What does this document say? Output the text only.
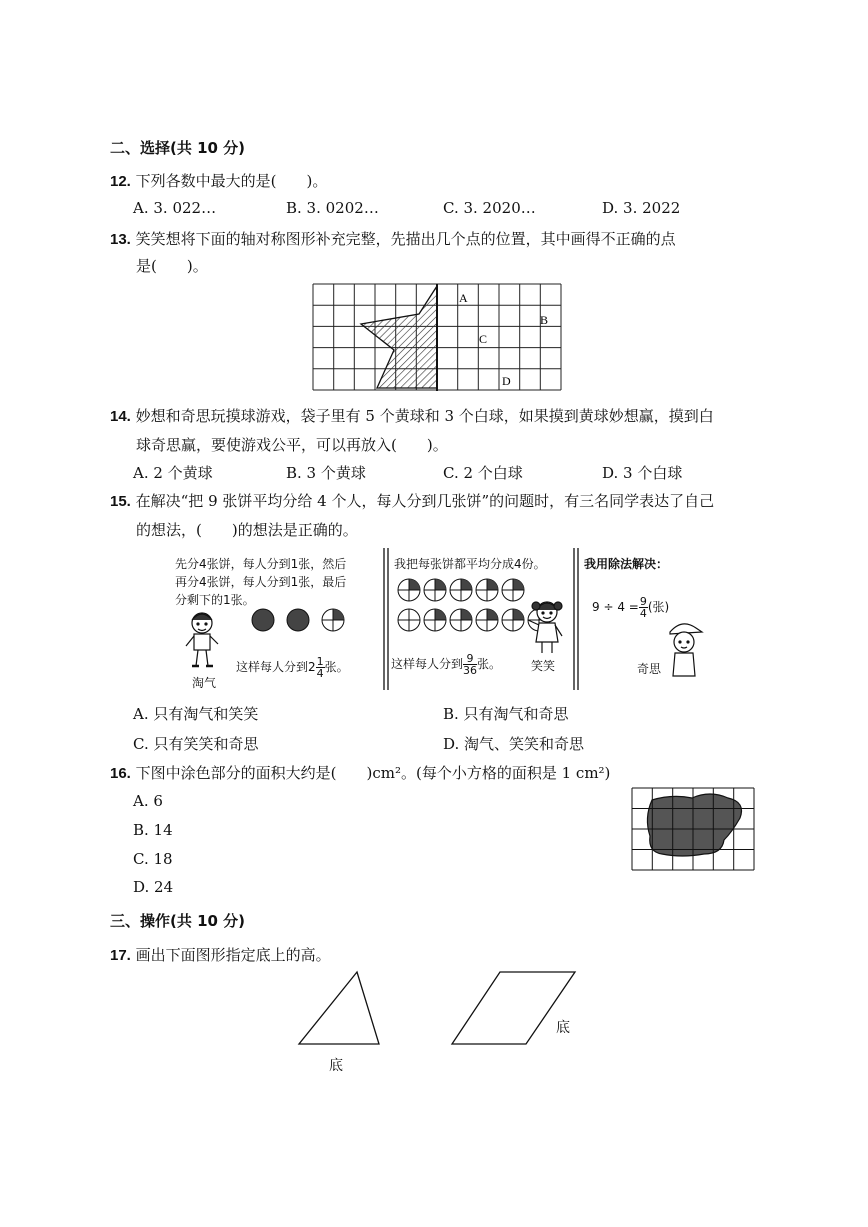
二、选择(共 10 分)
12. 下列各数中最大的是(　　)。
A. 3. 022…	B. 3. 0202…	C. 3. 2020…	D. 3. 2022
13. 笑笑想将下面的轴对称图形补充完整，先描出几个点的位置，其中画得不正确的点
是(　　)。
A
B
C
D
14. 妙想和奇思玩摸球游戏，袋子里有 5 个黄球和 3 个白球，如果摸到黄球妙想赢，摸到白
球奇思赢，要使游戏公平，可以再放入(　　)。
A. 2 个黄球	B. 3 个黄球	C. 2 个白球	D. 3 个白球
15. 在解决“把 9 张饼平均分给 4 个人，每人分到几张饼”的问题时，有三名同学表达了自己
的想法，(　　)的想法是正确的。
先分4张饼，每人分到1张，然后
再分4张饼，每人分到1张，最后
分剩下的1张。
这样每人分到$2 \frac{1}{4}$ 张。
淘气
我把每张饼都平均分成4份。
这样每人分到 $\frac{9}{36}$ 张。 笑笑
我用除法解决：
$9 \div 4 = \frac{9}{4}$ (张)
奇思
A. 只有淘气和笑笑	B. 只有淘气和奇思
C. 只有笑笑和奇思	D. 淘气、笑笑和奇思
16. 下图中涂色部分的面积大约是(　　)cm²。(每个小方格的面积是 1 cm²)
A. 6
B. 14
C. 18
D. 24
三、操作(共 10 分)
17. 画出下面图形指定底上的高。
底
底
